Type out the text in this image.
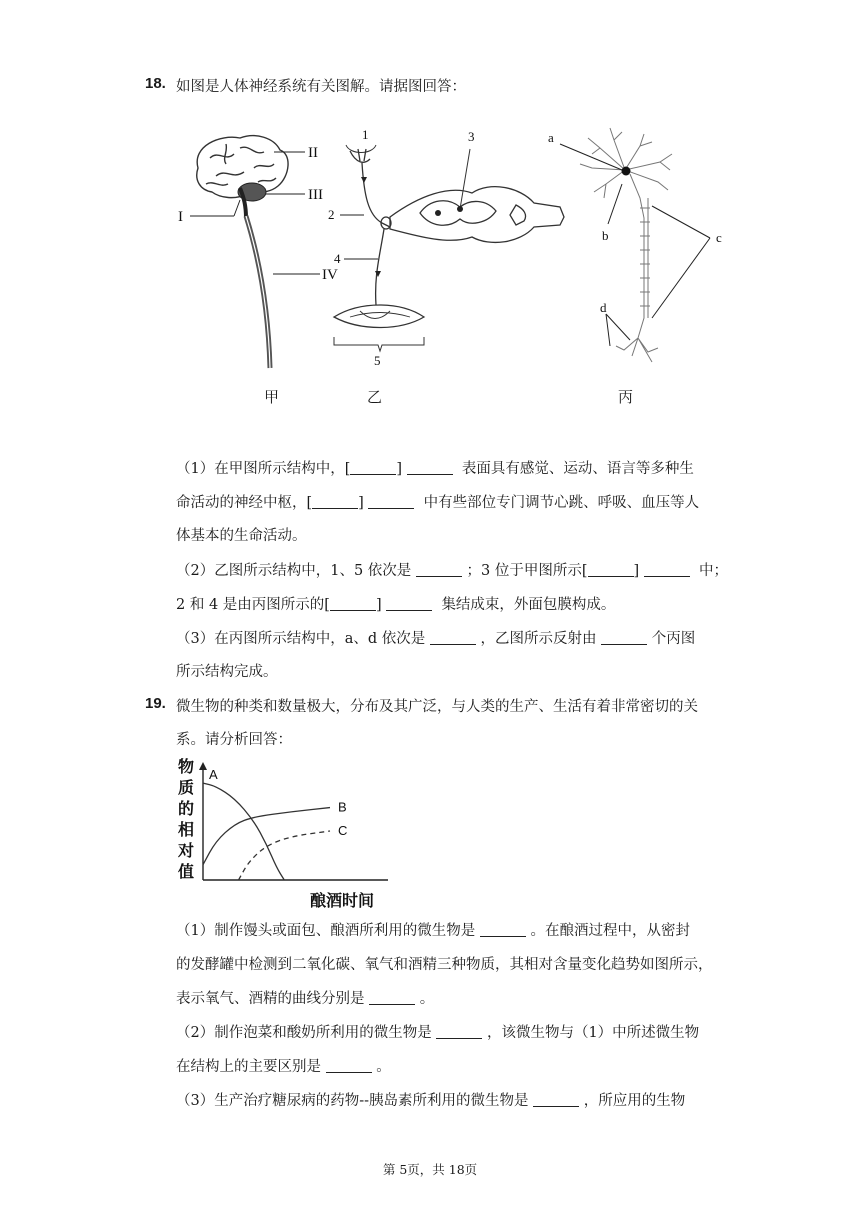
18. 如图是人体神经系统有关图解。请据图回答：
II
III
I
IV
1
2
3
4
5
a
b	c
d
甲	乙	丙
（1）在甲图所示结构中，[	]	表面具有感觉、运动、语言等多种生
命活动的神经中枢，[	]	中有些部位专门调节心跳、呼吸、血压等人
体基本的生命活动。
（2）乙图所示结构中，1、5 依次是	；3 位于甲图所示[	]	中；
2 和 4 是由丙图所示的[	]	集结成束，外面包膜构成。
（3）在丙图所示结构中，a、d 依次是	，乙图所示反射由	个丙图
所示结构完成。
19. 微生物的种类和数量极大，分布及其广泛，与人类的生产、生活有着非常密切的关
系。请分析回答：
物
质
的
相
对
值
A
B
C
酿酒时间
（1）制作馒头或面包、酿酒所利用的微生物是	。在酿酒过程中，从密封
的发酵罐中检测到二氧化碳、氧气和酒精三种物质，其相对含量变化趋势如图所示，
表示氧气、酒精的曲线分别是	。
（2）制作泡菜和酸奶所利用的微生物是	，该微生物与（1）中所述微生物
在结构上的主要区别是	。
（3）生产治疗糖尿病的药物--胰岛素所利用的微生物是	，所应用的生物
第 5页，共 18页
